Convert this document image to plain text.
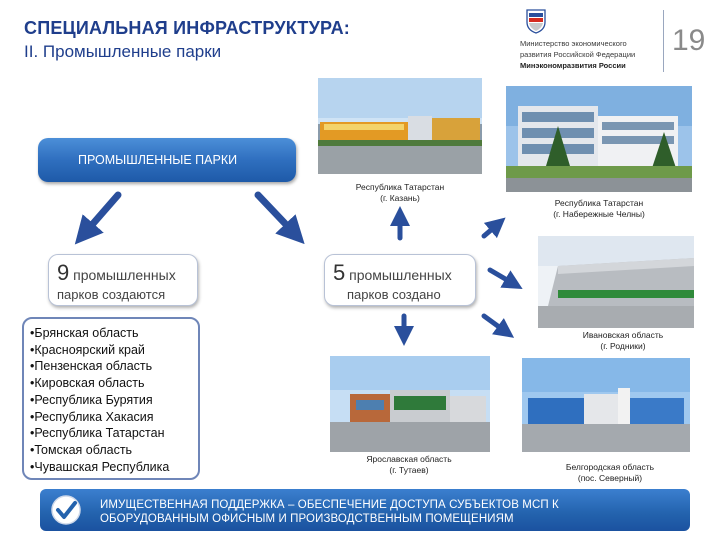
СПЕЦИАЛЬНАЯ ИНФРАСТРУКТУРА:
II. Промышленные парки	Министерство экономического
развития Российской Федерации
Минэкономразвития России
19
ПРОМЫШЛЕННЫЕ ПАРКИ
Республика Татарстан
(г. Казань)	Республика Татарстан
(г. Набережные Челны)
Ивановская область
(г. Родники)
Ярославская область
(г. Тутаев)	Белгородская область
(пос. Северный)
9 промышленных
парков создаются
5 промышленных
парков создано
•Брянская область
•Красноярский край
•Пензенская область
•Кировская область
•Республика Бурятия
•Республика Хакасия
•Республика Татарстан
•Томская область
•Чувашская Республика
ИМУЩЕСТВЕННАЯ ПОДДЕРЖКА – ОБЕСПЕЧЕНИЕ ДОСТУПА СУБЪЕКТОВ МСП К
ОБОРУДОВАННЫМ ОФИСНЫМ И ПРОИЗВОДСТВЕННЫМ ПОМЕЩЕНИЯМ
